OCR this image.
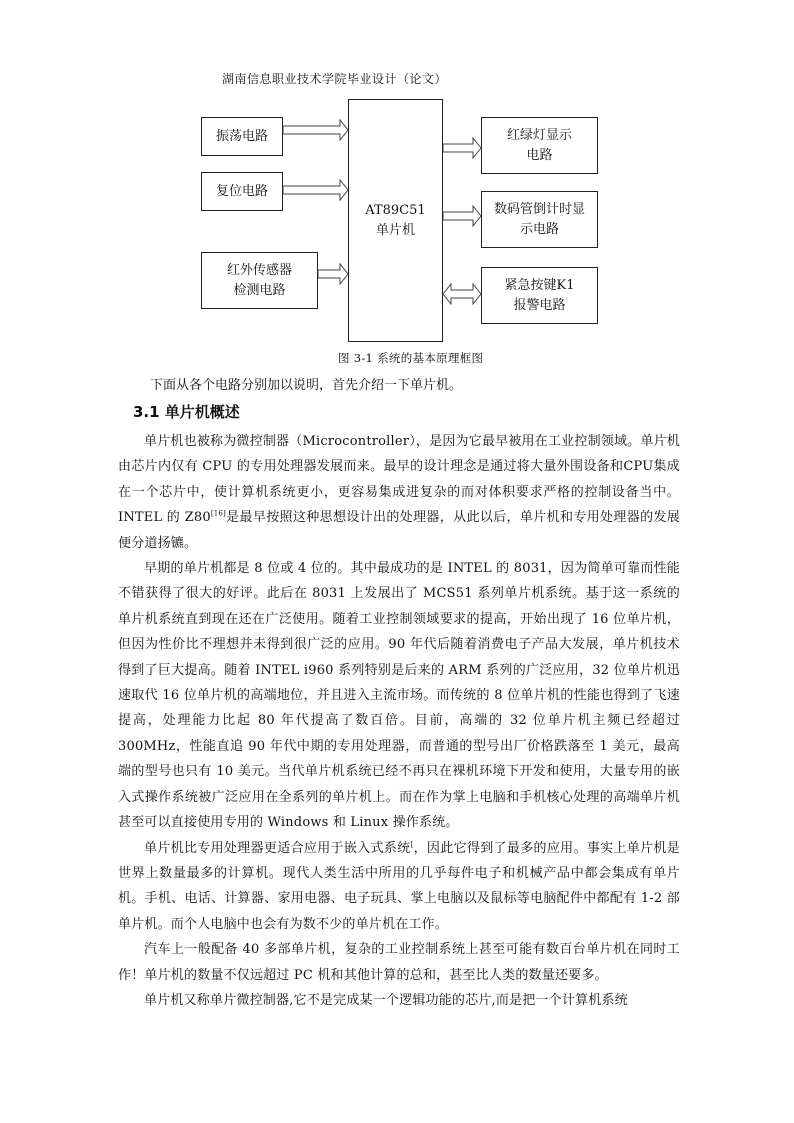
湖南信息职业技术学院毕业设计（论文）
振荡电路
复位电路
红外传感器
检测电路
AT89C51
单片机
红绿灯显示
电路
数码管倒计时显
示电路
紧急按键K1
报警电路
图 3-1 系统的基本原理框图
下面从各个电路分别加以说明，首先介绍一下单片机。
3.1 单片机概述

单片机也被称为微控制器（Microcontroller），是因为它最早被用在工业控制领域。单片机由芯片内仅有 CPU 的专用处理器发展而来。最早的设计理念是通过将大量外围设备和CPU集成在一个芯片中，使计算机系统更小，更容易集成进复杂的而对体积要求严格的控制设备当中。INTEL 的 Z80[16]是最早按照这种思想设计出的处理器，从此以后，单片机和专用处理器的发展便分道扬镳。

早期的单片机都是 8 位或 4 位的。其中最成功的是 INTEL 的 8031，因为简单可靠而性能不错获得了很大的好评。此后在 8031 上发展出了 MCS51 系列单片机系统。基于这一系统的单片机系统直到现在还在广泛使用。随着工业控制领域要求的提高，开始出现了 16 位单片机，但因为性价比不理想并未得到很广泛的应用。90 年代后随着消费电子产品大发展，单片机技术得到了巨大提高。随着 INTEL i960 系列特别是后来的 ARM 系列的广泛应用，32 位单片机迅速取代 16 位单片机的高端地位，并且进入主流市场。而传统的 8 位单片机的性能也得到了飞速提高，处理能力比起 80 年代提高了数百倍。目前，高端的 32 位单片机主频已经超过 300MHz，性能直追 90 年代中期的专用处理器，而普通的型号出厂价格跌落至 1 美元，最高端的型号也只有 10 美元。当代单片机系统已经不再只在裸机环境下开发和使用，大量专用的嵌入式操作系统被广泛应用在全系列的单片机上。而在作为掌上电脑和手机核心处理的高端单片机甚至可以直接使用专用的 Windows 和 Linux 操作系统。

单片机比专用处理器更适合应用于嵌入式系统[，因此它得到了最多的应用。事实上单片机是世界上数量最多的计算机。现代人类生活中所用的几乎每件电子和机械产品中都会集成有单片机。手机、电话、计算器、家用电器、电子玩具、掌上电脑以及鼠标等电脑配件中都配有 1-2 部单片机。而个人电脑中也会有为数不少的单片机在工作。

汽车上一般配备 40 多部单片机，复杂的工业控制系统上甚至可能有数百台单片机在同时工作！单片机的数量不仅远超过 PC 机和其他计算的总和，甚至比人类的数量还要多。

单片机又称单片微控制器,它不是完成某一个逻辑功能的芯片,而是把一个计算机系统
